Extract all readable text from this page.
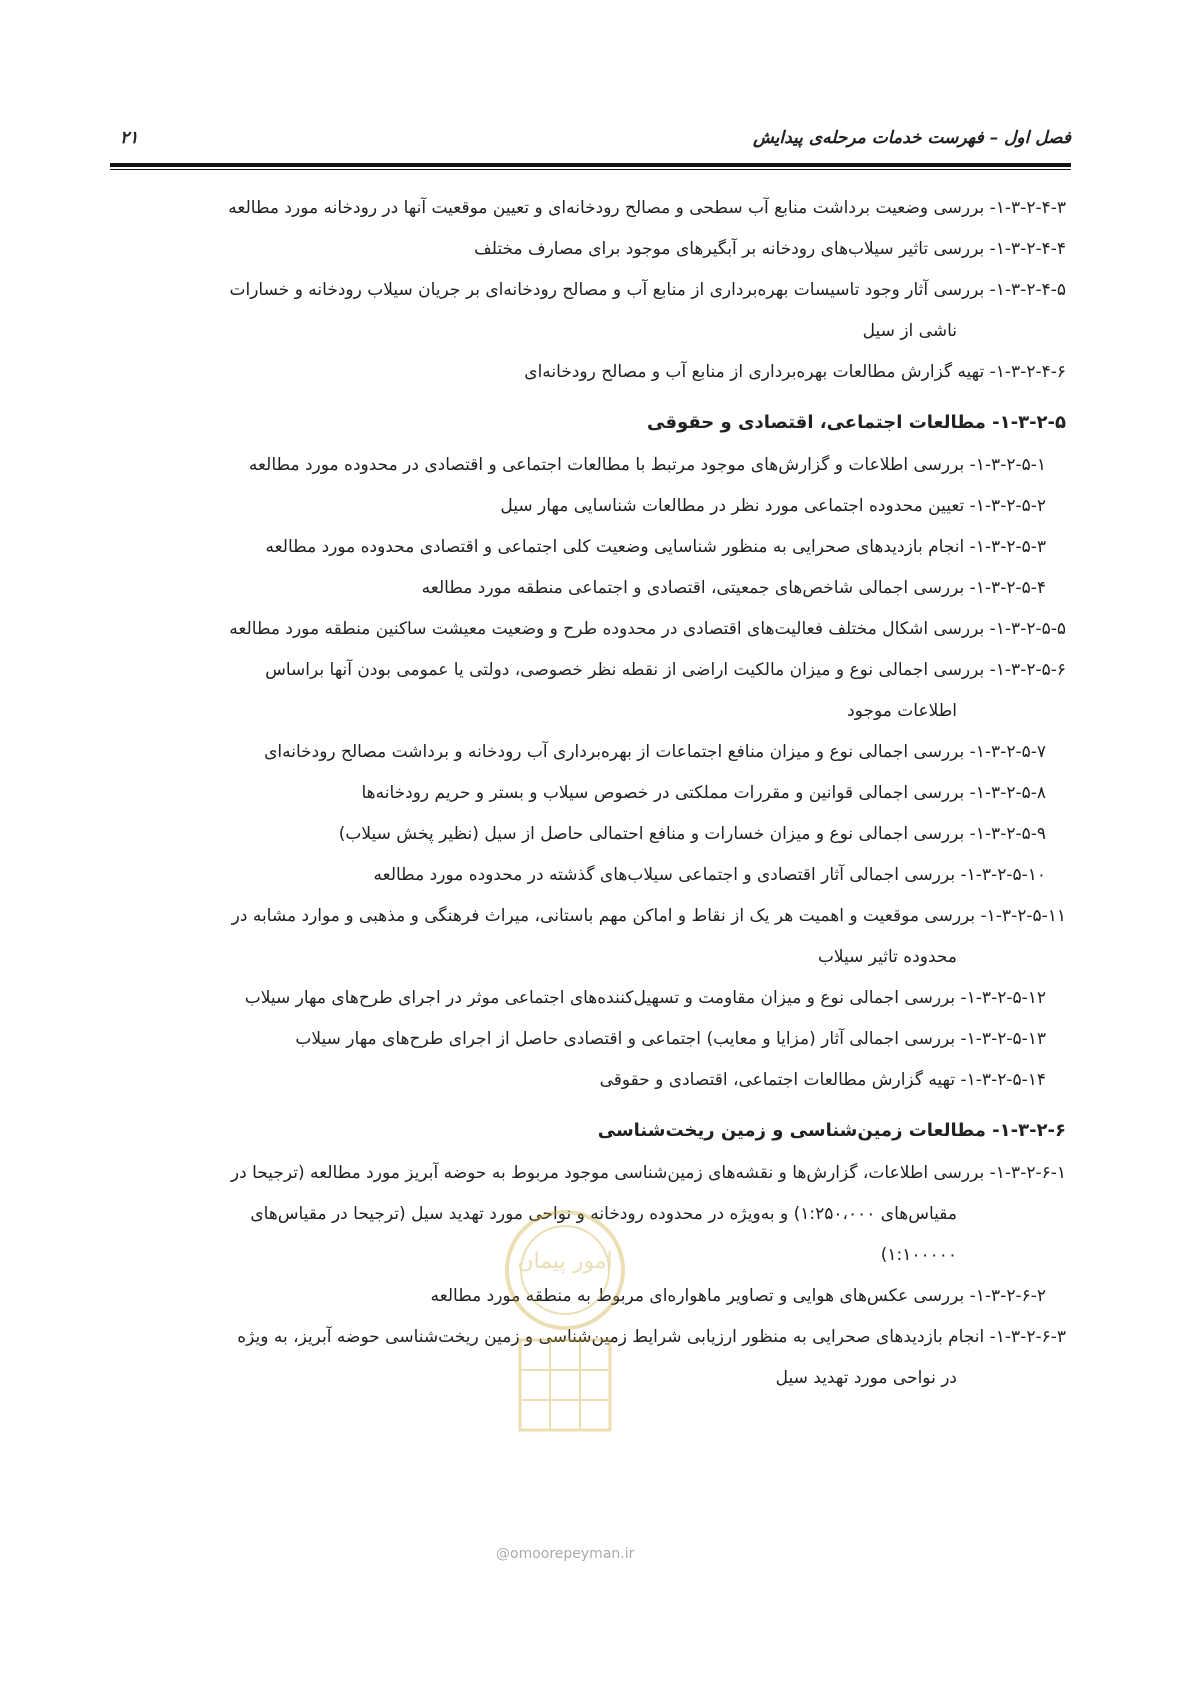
فصل اول – فهرست خدمات مرحله‌ی پیدایش
۲۱
۱-۳-۲-۴-۳- بررسی وضعیت برداشت منابع آب سطحی و مصالح رودخانه‌ای و تعیین موقعیت آنها در رودخانه مورد مطالعه
۱-۳-۲-۴-۴- بررسی تاثیر سیلاب‌های رودخانه بر آبگیرهای موجود برای مصارف مختلف
۱-۳-۲-۴-۵- بررسی آثار وجود تاسیسات بهره‌برداری از منابع آب و مصالح رودخانه‌ای بر جریان سیلاب رودخانه و خسارات
ناشی از سیل
۱-۳-۲-۴-۶- تهیه گزارش مطالعات بهره‌برداری از منابع آب و مصالح رودخانه‌ای
۱-۳-۲-۵- مطالعات اجتماعی، اقتصادی و حقوقی
۱-۳-۲-۵-۱- بررسی اطلاعات و گزارش‌های موجود مرتبط با مطالعات اجتماعی و اقتصادی در محدوده مورد مطالعه
۱-۳-۲-۵-۲- تعیین محدوده اجتماعی مورد نظر در مطالعات شناسایی مهار سیل
۱-۳-۲-۵-۳- انجام بازدیدهای صحرایی به منظور شناسایی وضعیت کلی اجتماعی و اقتصادی محدوده مورد مطالعه
۱-۳-۲-۵-۴- بررسی اجمالی شاخص‌های جمعیتی، اقتصادی و اجتماعی منطقه مورد مطالعه
۱-۳-۲-۵-۵- بررسی اشکال مختلف فعالیت‌های اقتصادی در محدوده طرح و وضعیت معیشت ساکنین منطقه مورد مطالعه
۱-۳-۲-۵-۶- بررسی اجمالی نوع و میزان مالکیت اراضی از نقطه نظر خصوصی، دولتی یا عمومی بودن آنها براساس
اطلاعات موجود
۱-۳-۲-۵-۷- بررسی اجمالی نوع و میزان منافع اجتماعات از بهره‌برداری آب رودخانه و برداشت مصالح رودخانه‌ای
۱-۳-۲-۵-۸- بررسی اجمالی قوانین و مقررات مملکتی در خصوص سیلاب و بستر و حریم رودخانه‌ها
۱-۳-۲-۵-۹- بررسی اجمالی نوع و میزان خسارات و منافع احتمالی حاصل از سیل (نظیر پخش سیلاب)
۱-۳-۲-۵-۱۰- بررسی اجمالی آثار اقتصادی و اجتماعی سیلاب‌های گذشته در محدوده مورد مطالعه
۱-۳-۲-۵-۱۱- بررسی موقعیت و اهمیت هر یک از نقاط و اماکن مهم باستانی، میراث فرهنگی و مذهبی و موارد مشابه در
محدوده تاثیر سیلاب
۱-۳-۲-۵-۱۲- بررسی اجمالی نوع و میزان مقاومت و تسهیل‌کننده‌های اجتماعی موثر در اجرای طرح‌های مهار سیلاب
۱-۳-۲-۵-۱۳- بررسی اجمالی آثار (مزایا و معایب) اجتماعی و اقتصادی حاصل از اجرای طرح‌های مهار سیلاب
۱-۳-۲-۵-۱۴- تهیه گزارش مطالعات اجتماعی، اقتصادی و حقوقی
۱-۳-۲-۶- مطالعات زمین‌شناسی و زمین ریخت‌شناسی
۱-۳-۲-۶-۱- بررسی اطلاعات، گزارش‌ها و نقشه‌های زمین‌شناسی موجود مربوط به حوضه آبریز مورد مطالعه (ترجیحا در
مقیاس‌های ۱:۲۵۰،۰۰۰) و به‌ویژه در محدوده رودخانه و نواحی مورد تهدید سیل (ترجیحا در مقیاس‌های
۱:۱۰۰۰۰۰)
۱-۳-۲-۶-۲- بررسی عکس‌های هوایی و تصاویر ماهواره‌ای مربوط به منطقه مورد مطالعه
۱-۳-۲-۶-۳- انجام بازدیدهای صحرایی به منظور ارزیابی شرایط زمین‌شناسی و زمین ریخت‌شناسی حوضه آبریز، به ویژه
در نواحی مورد تهدید سیل
امور پیمان
@omoorepeyman.ir
